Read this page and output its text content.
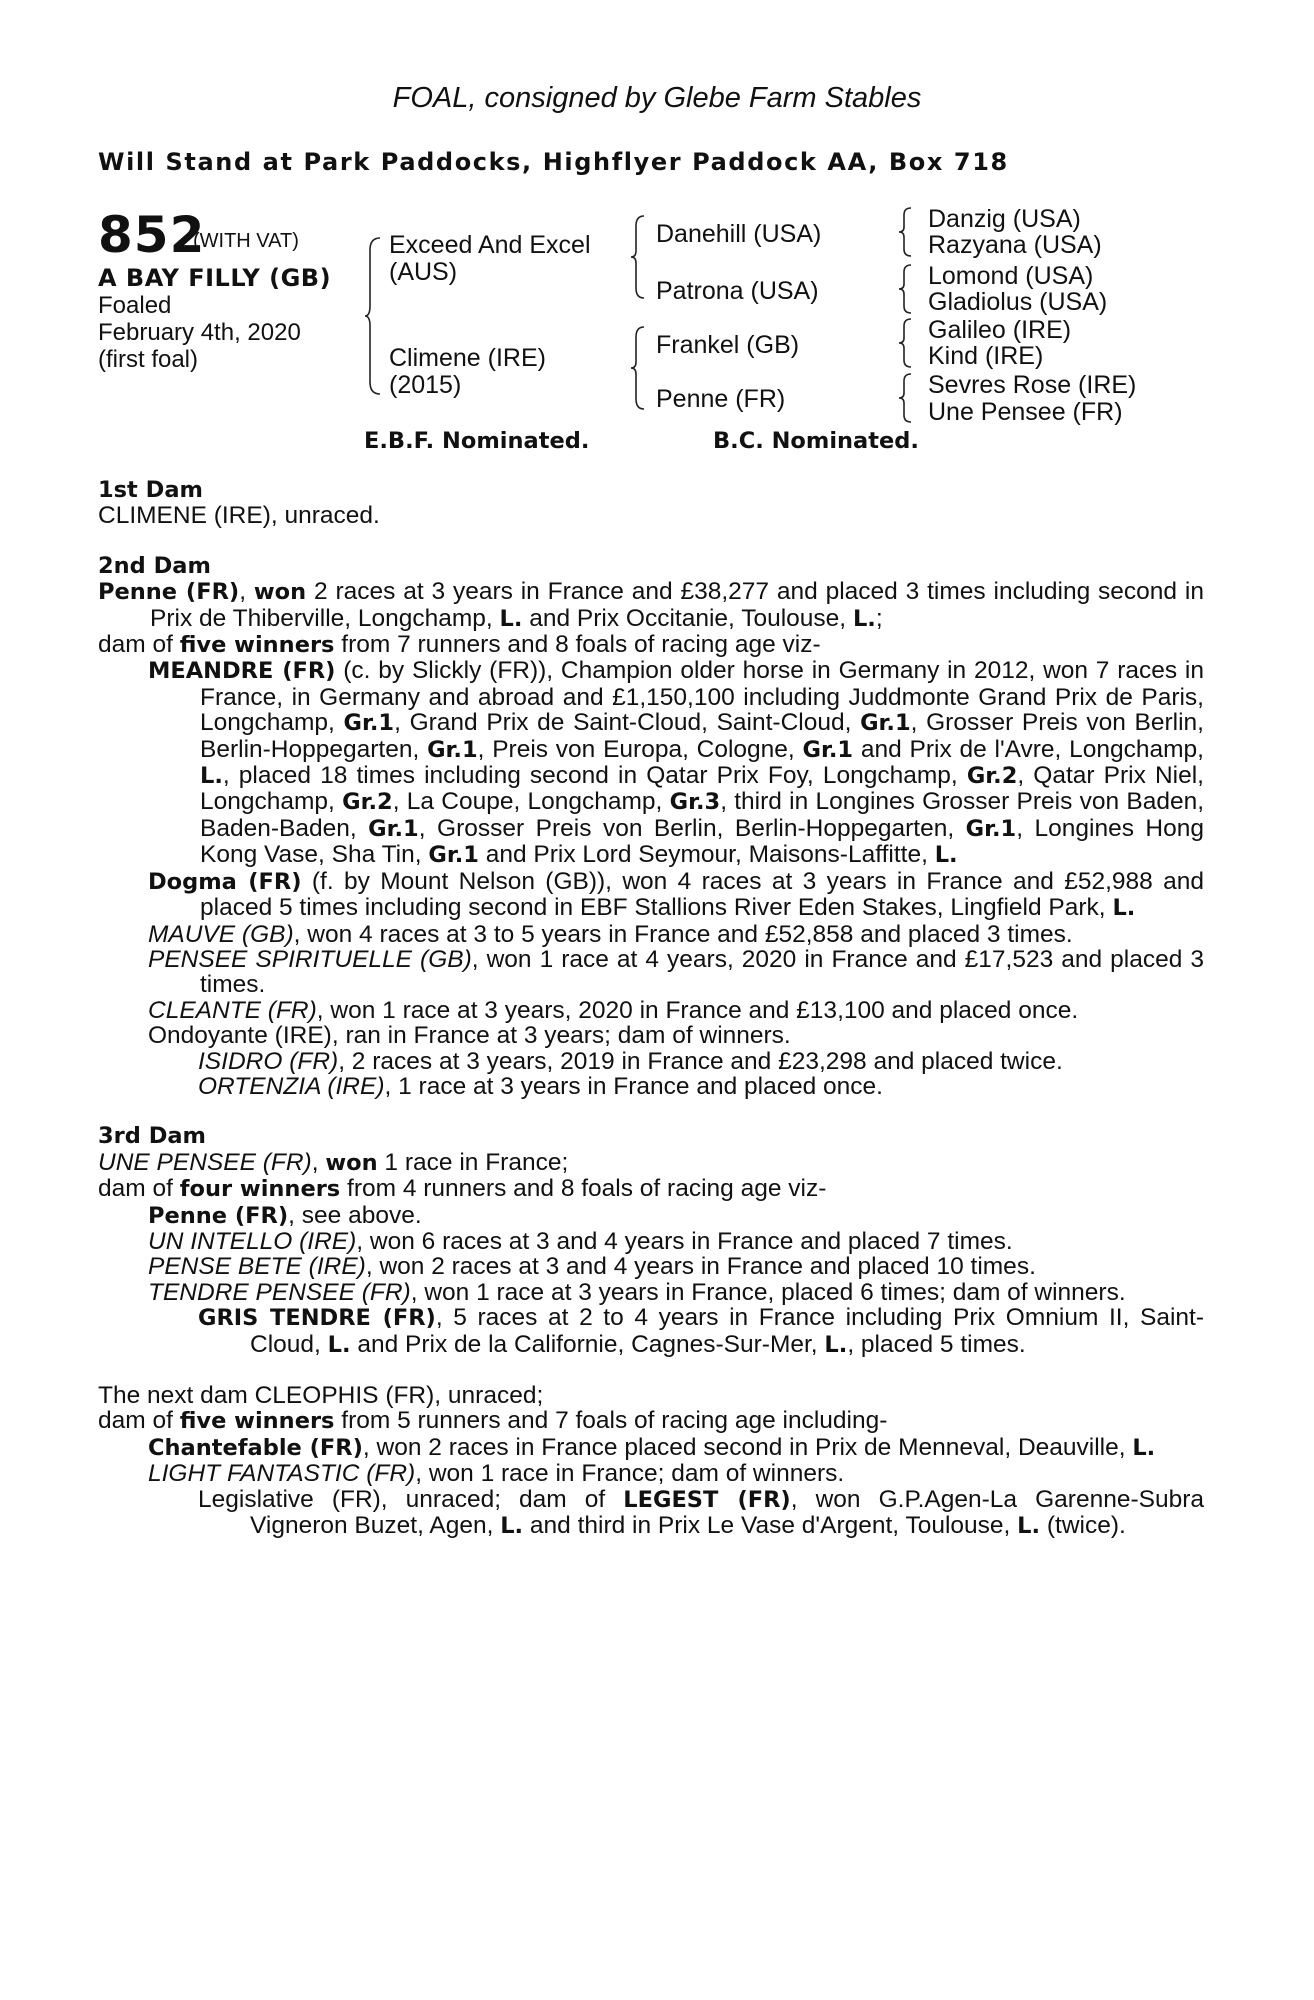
FOAL, consigned by Glebe Farm Stables
Will Stand at Park Paddocks, Highflyer Paddock AA, Box 718
852
(WITH VAT)
A BAY FILLY (GB)
Foaled
February 4th, 2020
(first foal)
Exceed And Excel
(AUS)
Climene (IRE)
(2015)
Danehill (USA)
Patrona (USA)
Frankel (GB)
Penne (FR)
Danzig (USA)
Razyana (USA)
Lomond (USA)
Gladiolus (USA)
Galileo (IRE)
Kind (IRE)
Sevres Rose (IRE)
Une Pensee (FR)
E.B.F. Nominated.	B.C. Nominated.

1st Dam

CLIMENE (IRE), unraced.

2nd Dam

Penne (FR), won 2 races at 3 years in France and £38,277 and placed 3 times including second in Prix de Thiberville, Longchamp, L. and Prix Occitanie, Toulouse, L.;

dam of five winners from 7 runners and 8 foals of racing age viz-

MEANDRE (FR) (c. by Slickly (FR)), Champion older horse in Germany in 2012, won 7 races in France, in Germany and abroad and £1,150,100 including Juddmonte Grand Prix de Paris, Longchamp, Gr.1, Grand Prix de Saint-Cloud, Saint-Cloud, Gr.1, Grosser Preis von Berlin, Berlin-Hoppegarten, Gr.1, Preis von Europa, Cologne, Gr.1 and Prix de l'Avre, Longchamp, L., placed 18 times including second in Qatar Prix Foy, Longchamp, Gr.2, Qatar Prix Niel, Longchamp, Gr.2, La Coupe, Longchamp, Gr.3, third in Longines Grosser Preis von Baden, Baden-Baden, Gr.1, Grosser Preis von Berlin, Berlin-Hoppegarten, Gr.1, Longines Hong Kong Vase, Sha Tin, Gr.1 and Prix Lord Seymour, Maisons-Laffitte, L.

Dogma (FR) (f. by Mount Nelson (GB)), won 4 races at 3 years in France and £52,988 and placed 5 times including second in EBF Stallions River Eden Stakes, Lingfield Park, L.

MAUVE (GB), won 4 races at 3 to 5 years in France and £52,858 and placed 3 times.

PENSEE SPIRITUELLE (GB), won 1 race at 4 years, 2020 in France and £17,523 and placed 3 times.

CLEANTE (FR), won 1 race at 3 years, 2020 in France and £13,100 and placed once.

Ondoyante (IRE), ran in France at 3 years; dam of winners.

ISIDRO (FR), 2 races at 3 years, 2019 in France and £23,298 and placed twice.

ORTENZIA (IRE), 1 race at 3 years in France and placed once.

3rd Dam

UNE PENSEE (FR), won 1 race in France;

dam of four winners from 4 runners and 8 foals of racing age viz-

Penne (FR), see above.

UN INTELLO (IRE), won 6 races at 3 and 4 years in France and placed 7 times.

PENSE BETE (IRE), won 2 races at 3 and 4 years in France and placed 10 times.

TENDRE PENSEE (FR), won 1 race at 3 years in France, placed 6 times; dam of winners.

GRIS TENDRE (FR), 5 races at 2 to 4 years in France including Prix Omnium II, Saint-Cloud, L. and Prix de la Californie, Cagnes-Sur-Mer, L., placed 5 times.

The next dam CLEOPHIS (FR), unraced;

dam of five winners from 5 runners and 7 foals of racing age including-

Chantefable (FR), won 2 races in France placed second in Prix de Menneval, Deauville, L.

LIGHT FANTASTIC (FR), won 1 race in France; dam of winners.

Legislative (FR), unraced; dam of LEGEST (FR), won G.P.Agen-La Garenne-Subra Vigneron Buzet, Agen, L. and third in Prix Le Vase d'Argent, Toulouse, L. (twice).
